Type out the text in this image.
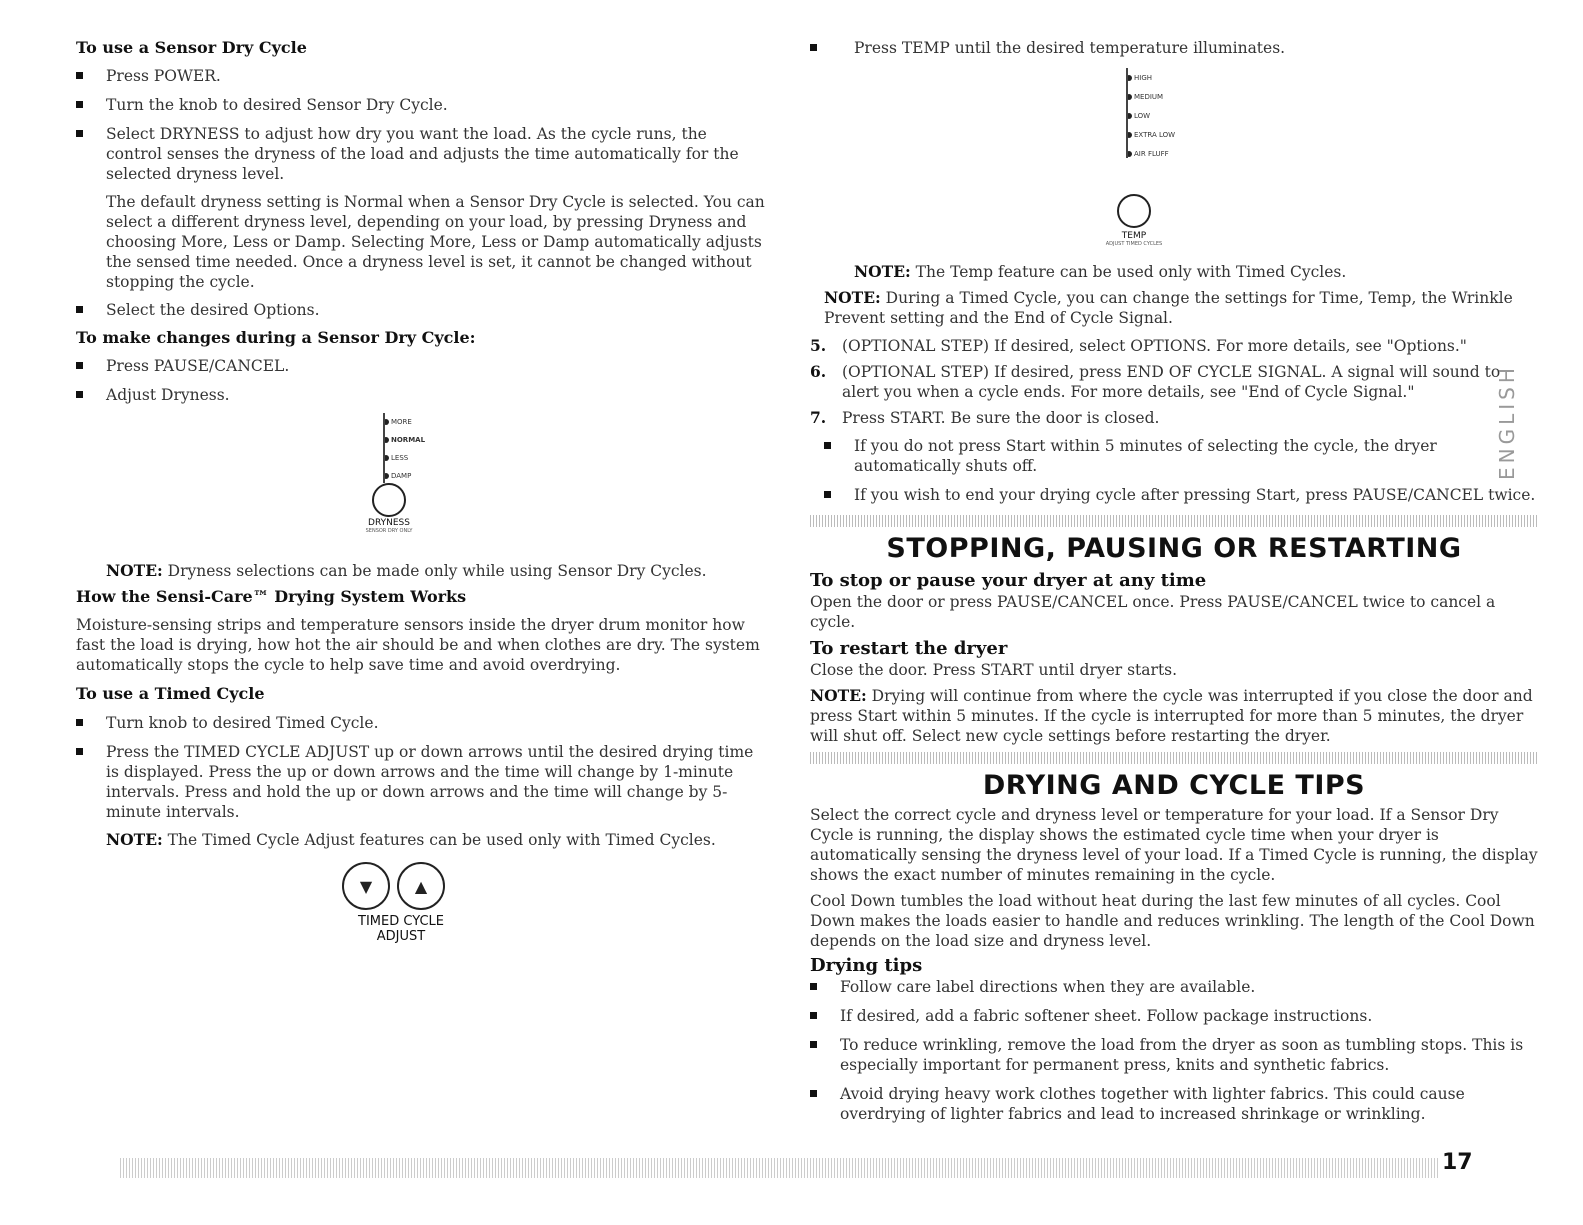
To use a Sensor Dry Cycle
Press POWER.
Turn the knob to desired Sensor Dry Cycle.
Select DRYNESS to adjust how dry you want the load. As the cycle runs, the control senses the dryness of the load and adjusts the time automatically for the selected dryness level.

The default dryness setting is Normal when a Sensor Dry Cycle is selected. You can select a different dryness level, depending on your load, by pressing Dryness and choosing More, Less or Damp. Selecting More, Less or Damp automatically adjusts the sensed time needed. Once a dryness level is set, it cannot be changed without stopping the cycle.

Select the desired Options.
To make changes during a Sensor Dry Cycle:
Press PAUSE/CANCEL.
Adjust Dryness.
MORE
NORMAL
LESS
DAMP
DRYNESS
SENSOR DRY ONLY

NOTE: Dryness selections can be made only while using Sensor Dry Cycles.

How the Sensi-Care™ Drying System Works

Moisture-sensing strips and temperature sensors inside the dryer drum monitor how fast the load is drying, how hot the air should be and when clothes are dry. The system automatically stops the cycle to help save time and avoid overdrying.

To use a Timed Cycle
Turn knob to desired Timed Cycle.
Press the TIMED CYCLE ADJUST up or down arrows until the desired drying time is displayed. Press the up or down arrows and the time will change by 1-minute intervals. Press and hold the up or down arrows and the time will change by 5-minute intervals.

NOTE: The Timed Cycle Adjust features can be used only with Timed Cycles.

▼	▲
TIMED CYCLE
ADJUST
Press TEMP until the desired temperature illuminates.
HIGH
MEDIUM
LOW
EXTRA LOW
AIR FLUFF
TEMP
ADJUST TIMED CYCLES

NOTE: The Temp feature can be used only with Timed Cycles.

NOTE: During a Timed Cycle, you can change the settings for Time, Temp, the Wrinkle Prevent setting and the End of Cycle Signal.

5. (OPTIONAL STEP) If desired, select OPTIONS. For more details, see "Options."
6. (OPTIONAL STEP) If desired, press END OF CYCLE SIGNAL. A signal will sound to alert you when a cycle ends. For more details, see "End of Cycle Signal."
7. Press START. Be sure the door is closed.
If you do not press Start within 5 minutes of selecting the cycle, the dryer automatically shuts off.
If you wish to end your drying cycle after pressing Start, press PAUSE/CANCEL twice.
STOPPING, PAUSING OR RESTARTING
To stop or pause your dryer at any time

Open the door or press PAUSE/CANCEL once. Press PAUSE/CANCEL twice to cancel a cycle.

To restart the dryer

Close the door. Press START until dryer starts.

NOTE: Drying will continue from where the cycle was interrupted if you close the door and press Start within 5 minutes. If the cycle is interrupted for more than 5 minutes, the dryer will shut off. Select new cycle settings before restarting the dryer.

DRYING AND CYCLE TIPS

Select the correct cycle and dryness level or temperature for your load. If a Sensor Dry Cycle is running, the display shows the estimated cycle time when your dryer is automatically sensing the dryness level of your load. If a Timed Cycle is running, the display shows the exact number of minutes remaining in the cycle.

Cool Down tumbles the load without heat during the last few minutes of all cycles. Cool Down makes the loads easier to handle and reduces wrinkling. The length of the Cool Down depends on the load size and dryness level.

Drying tips
Follow care label directions when they are available.
If desired, add a fabric softener sheet. Follow package instructions.
To reduce wrinkling, remove the load from the dryer as soon as tumbling stops. This is especially important for permanent press, knits and synthetic fabrics.
Avoid drying heavy work clothes together with lighter fabrics. This could cause overdrying of lighter fabrics and lead to increased shrinkage or wrinkling.
ENGLISH
17
